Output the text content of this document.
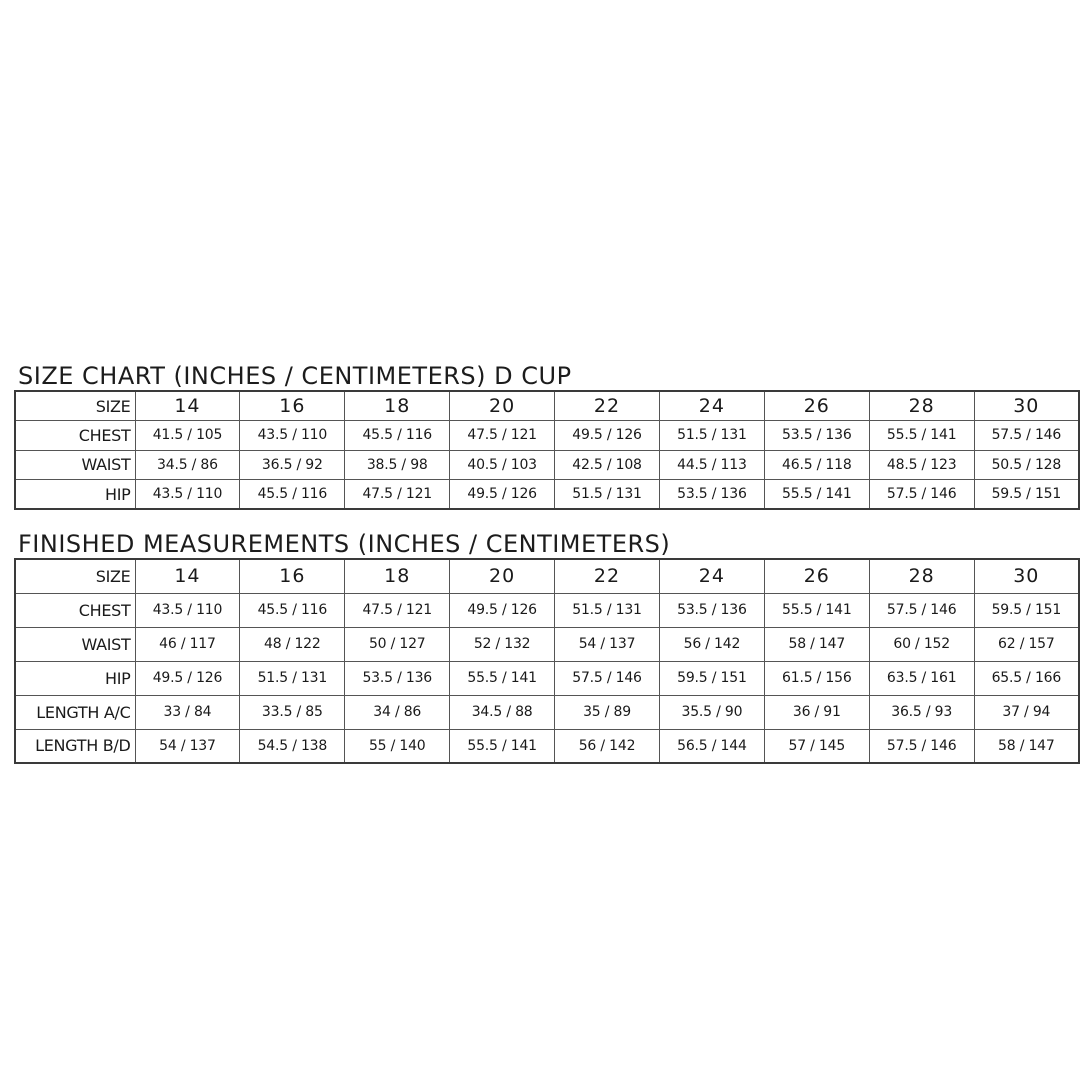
SIZE CHART (INCHES / CENTIMETERS) D CUP
SIZE	14	16	18	20	22	24	26	28	30
CHEST	41.5 / 105	43.5 / 110	45.5 / 116	47.5 / 121	49.5 / 126	51.5 / 131	53.5 / 136	55.5 / 141	57.5 / 146
WAIST	34.5 / 86	36.5 / 92	38.5 / 98	40.5 / 103	42.5 / 108	44.5 / 113	46.5 / 118	48.5 / 123	50.5 / 128
HIP	43.5 / 110	45.5 / 116	47.5 / 121	49.5 / 126	51.5 / 131	53.5 / 136	55.5 / 141	57.5 / 146	59.5 / 151
FINISHED MEASUREMENTS (INCHES / CENTIMETERS)
SIZE	14	16	18	20	22	24	26	28	30
CHEST	43.5 / 110	45.5 / 116	47.5 / 121	49.5 / 126	51.5 / 131	53.5 / 136	55.5 / 141	57.5 / 146	59.5 / 151
WAIST	46 / 117	48 / 122	50 / 127	52 / 132	54 / 137	56 / 142	58 / 147	60 / 152	62 / 157
HIP	49.5 / 126	51.5 / 131	53.5 / 136	55.5 / 141	57.5 / 146	59.5 / 151	61.5 / 156	63.5 / 161	65.5 / 166
LENGTH A/C	33 / 84	33.5 / 85	34 / 86	34.5 / 88	35 / 89	35.5 / 90	36 / 91	36.5 / 93	37 / 94
LENGTH B/D	54 / 137	54.5 / 138	55 / 140	55.5 / 141	56 / 142	56.5 / 144	57 / 145	57.5 / 146	58 / 147
